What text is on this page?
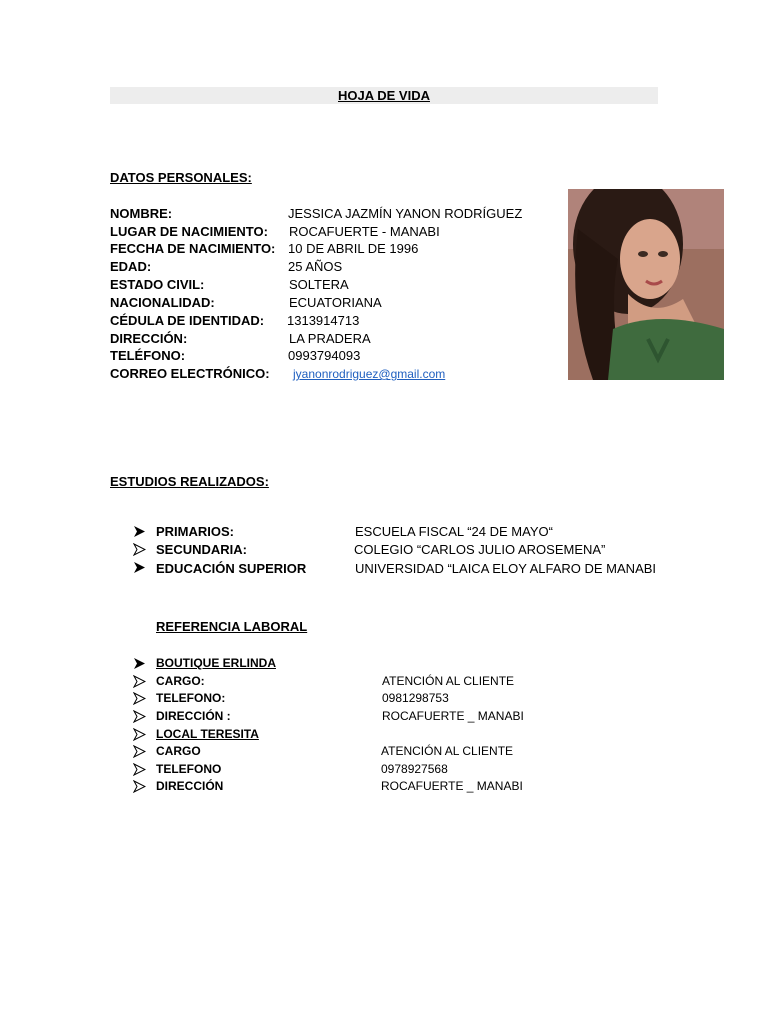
HOJA DE VIDA
DATOS PERSONALES:
NOMBRE:	JESSICA JAZMÍN YANON RODRÍGUEZ
LUGAR DE NACIMIENTO: ROCAFUERTE - MANABI
FECCHA DE NACIMIENTO: 10 DE ABRIL DE 1996
EDAD:	25 AÑOS
ESTADO CIVIL:	SOLTERA
NACIONALIDAD:	ECUATORIANA
CÉDULA DE IDENTIDAD: 1313914713
DIRECCIÓN:	LA PRADERA
TELÉFONO:	0993794093
CORREO ELECTRÓNICO: jyanonrodriguez@gmail.com
ESTUDIOS REALIZADOS:
PRIMARIOS:	ESCUELA FISCAL “24 DE MAYO“
SECUNDARIA:	COLEGIO “CARLOS JULIO AROSEMENA”
EDUCACIÓN SUPERIOR	UNIVERSIDAD “LAICA ELOY ALFARO DE MANABI
REFERENCIA LABORAL
BOUTIQUE ERLINDA
CARGO:	ATENCIÓN AL CLIENTE
TELEFONO:	0981298753
DIRECCIÓN :	ROCAFUERTE _ MANABI
LOCAL TERESITA
CARGO	ATENCIÓN AL CLIENTE
TELEFONO	0978927568
DIRECCIÓN	ROCAFUERTE _ MANABI
